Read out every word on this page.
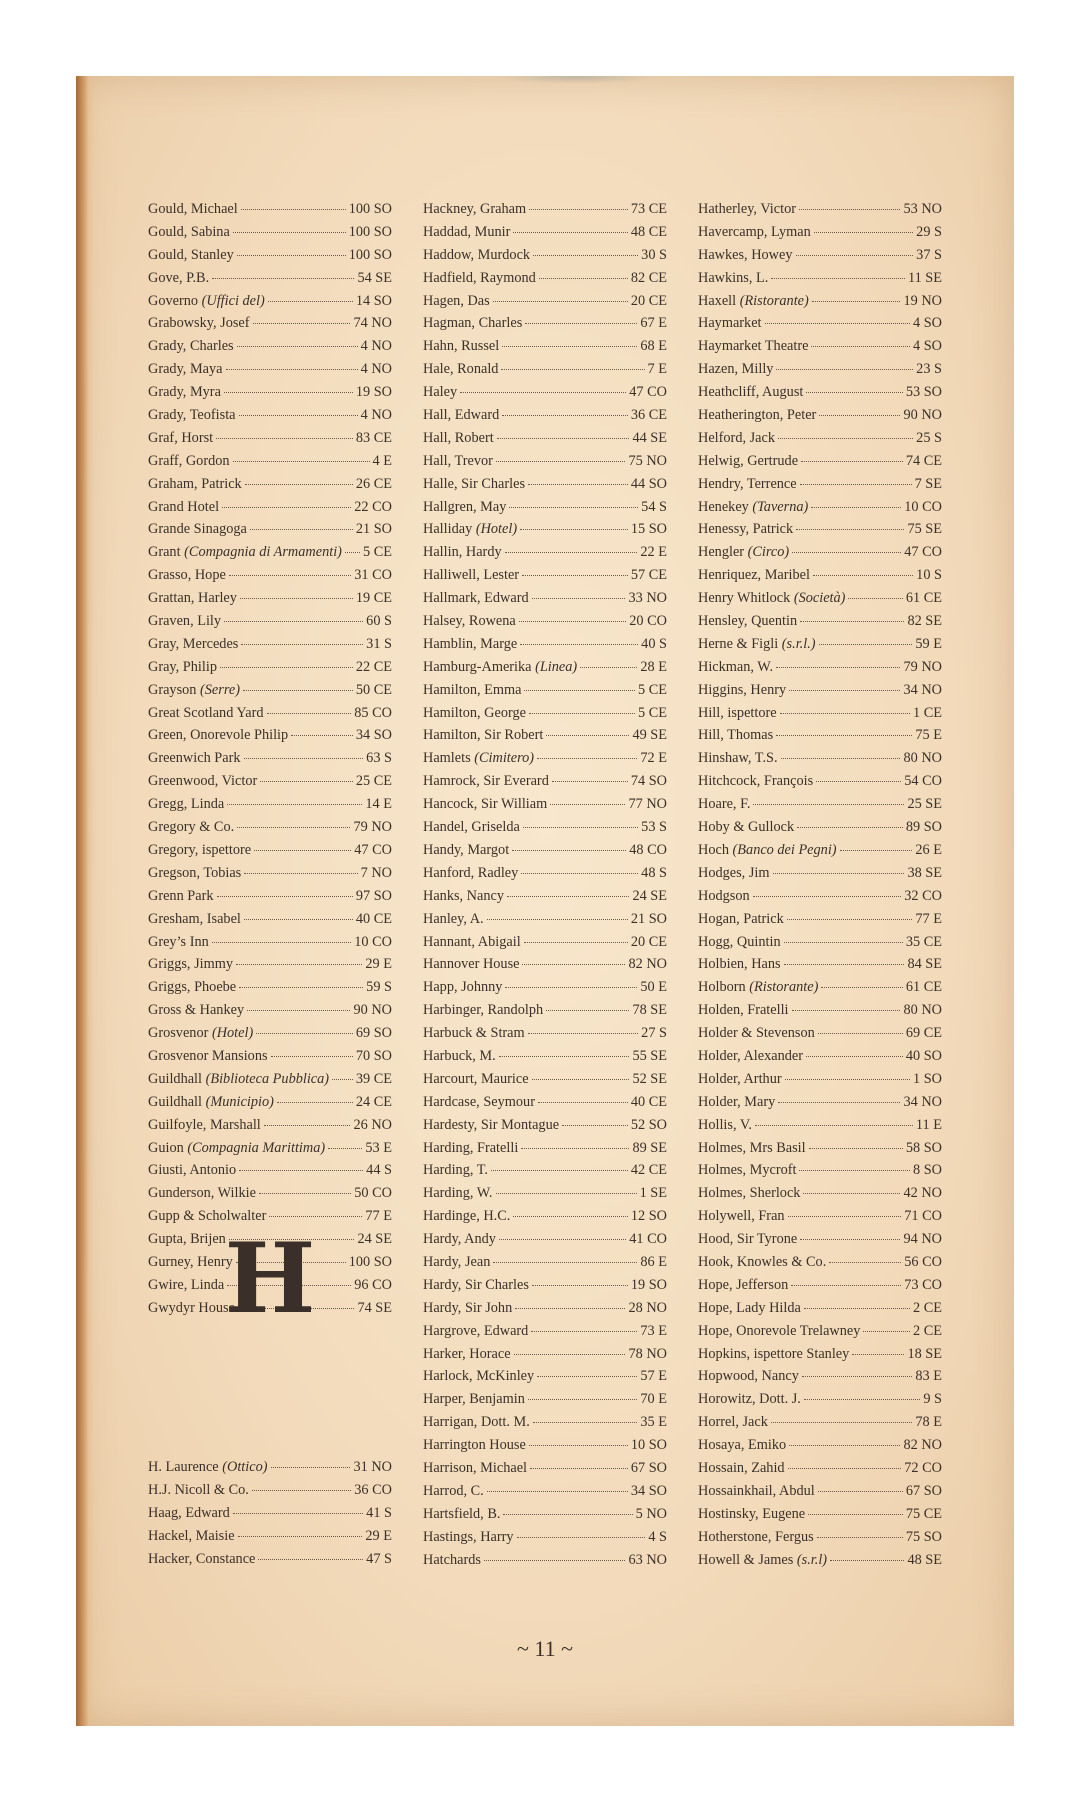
Gould, Michael	100 SO
Gould, Sabina	100 SO
Gould, Stanley	100 SO
Gove, P.B.	54 SE
Governo (Uffici del)	14 SO
Grabowsky, Josef	74 NO
Grady, Charles	4 NO
Grady, Maya	4 NO
Grady, Myra	19 SO
Grady, Teofista	4 NO
Graf, Horst	83 CE
Graff, Gordon	4 E
Graham, Patrick	26 CE
Grand Hotel	22 CO
Grande Sinagoga	21 SO
Grant (Compagnia di Armamenti) 5 CE
Grasso, Hope	31 CO
Grattan, Harley	19 CE
Graven, Lily	60 S
Gray, Mercedes	31 S
Gray, Philip	22 CE
Grayson (Serre)	50 CE
Great Scotland Yard	85 CO
Green, Onorevole Philip	34 SO
Greenwich Park	63 S
Greenwood, Victor	25 CE
Gregg, Linda	14 E
Gregory & Co.	79 NO
Gregory, ispettore	47 CO
Gregson, Tobias	7 NO
Grenn Park	97 SO
Gresham, Isabel	40 CE
Grey’s Inn	10 CO
Griggs, Jimmy	29 E
Griggs, Phoebe	59 S
Gross & Hankey	90 NO
Grosvenor (Hotel)	69 SO
Grosvenor Mansions	70 SO
Guildhall (Biblioteca Pubblica) 39 CE
Guildhall (Municipio)	24 CE
Guilfoyle, Marshall	26 NO
Guion (Compagnia Marittima)	53 E
Giusti, Antonio	44 S
Gunderson, Wilkie	50 CO
Gupp & Scholwalter	77 E
Gupta, Brijen	24 SE
Gurney, Henry	100 SO
Gwire, Linda	96 CO
Gwydyr House	74 SE
Hackney, Graham	73 CE
Haddad, Munir	48 CE
Haddow, Murdock	30 S
Hadfield, Raymond	82 CE
Hagen, Das	20 CE
Hagman, Charles	67 E
Hahn, Russel	68 E
Hale, Ronald	7 E
Haley	47 CO
Hall, Edward	36 CE
Hall, Robert	44 SE
Hall, Trevor	75 NO
Halle, Sir Charles	44 SO
Hallgren, May	54 S
Halliday (Hotel)	15 SO
Hallin, Hardy	22 E
Halliwell, Lester	57 CE
Hallmark, Edward	33 NO
Halsey, Rowena	20 CO
Hamblin, Marge	40 S
Hamburg-Amerika (Linea)	28 E
Hamilton, Emma	5 CE
Hamilton, George	5 CE
Hamilton, Sir Robert	49 SE
Hamlets (Cimitero)	72 E
Hamrock, Sir Everard	74 SO
Hancock, Sir William	77 NO
Handel, Griselda	53 S
Handy, Margot	48 CO
Hanford, Radley	48 S
Hanks, Nancy	24 SE
Hanley, A.	21 SO
Hannant, Abigail	20 CE
Hannover House	82 NO
Happ, Johnny	50 E
Harbinger, Randolph	78 SE
Harbuck & Stram	27 S
Harbuck, M.	55 SE
Harcourt, Maurice	52 SE
Hardcase, Seymour	40 CE
Hardesty, Sir Montague	52 SO
Harding, Fratelli	89 SE
Harding, T.	42 CE
Harding, W.	1 SE
Hardinge, H.C.	12 SO
Hardy, Andy	41 CO
Hardy, Jean	86 E
Hardy, Sir Charles	19 SO
Hardy, Sir John	28 NO
Hargrove, Edward	73 E
Harker, Horace	78 NO
Harlock, McKinley	57 E
Harper, Benjamin	70 E
Harrigan, Dott. M.	35 E
Harrington House	10 SO
Harrison, Michael	67 SO
Harrod, C.	34 SO
Hartsfield, B.	5 NO
Hastings, Harry	4 S
Hatchards	63 NO
Hatherley, Victor	53 NO
Havercamp, Lyman	29 S
Hawkes, Howey	37 S
Hawkins, L.	11 SE
Haxell (Ristorante)	19 NO
Haymarket	4 SO
Haymarket Theatre	4 SO
Hazen, Milly	23 S
Heathcliff, August	53 SO
Heatherington, Peter	90 NO
Helford, Jack	25 S
Helwig, Gertrude	74 CE
Hendry, Terrence	7 SE
Henekey (Taverna)	10 CO
Henessy, Patrick	75 SE
Hengler (Circo)	47 CO
Henriquez, Maribel	10 S
Henry Whitlock (Società)	61 CE
Hensley, Quentin	82 SE
Herne & Figli (s.r.l.)	59 E
Hickman, W.	79 NO
Higgins, Henry	34 NO
Hill, ispettore	1 CE
Hill, Thomas	75 E
Hinshaw, T.S.	80 NO
Hitchcock, François	54 CO
Hoare, F.	25 SE
Hoby & Gullock	89 SO
Hoch (Banco dei Pegni)	26 E
Hodges, Jim	38 SE
Hodgson	32 CO
Hogan, Patrick	77 E
Hogg, Quintin	35 CE
Holbien, Hans	84 SE
Holborn (Ristorante)	61 CE
Holden, Fratelli	80 NO
Holder & Stevenson	69 CE
Holder, Alexander	40 SO
Holder, Arthur	1 SO
Holder, Mary	34 NO
Hollis, V.	11 E
Holmes, Mrs Basil	58 SO
Holmes, Mycroft	8 SO
Holmes, Sherlock	42 NO
Holywell, Fran	71 CO
Hood, Sir Tyrone	94 NO
Hook, Knowles & Co.	56 CO
Hope, Jefferson	73 CO
Hope, Lady Hilda	2 CE
Hope, Onorevole Trelawney	2 CE
Hopkins, ispettore Stanley	18 SE
Hopwood, Nancy	83 E
Horowitz, Dott. J.	9 S
Horrel, Jack	78 E
Hosaya, Emiko	82 NO
Hossain, Zahid	72 CO
Hossainkhail, Abdul	67 SO
Hostinsky, Eugene	75 CE
Hotherstone, Fergus	75 SO
Howell & James (s.r.l)	48 SE
H
H. Laurence (Ottico)	31 NO
H.J. Nicoll & Co.	36 CO
Haag, Edward	41 S
Hackel, Maisie	29 E
Hacker, Constance	47 S
~ 11 ~
